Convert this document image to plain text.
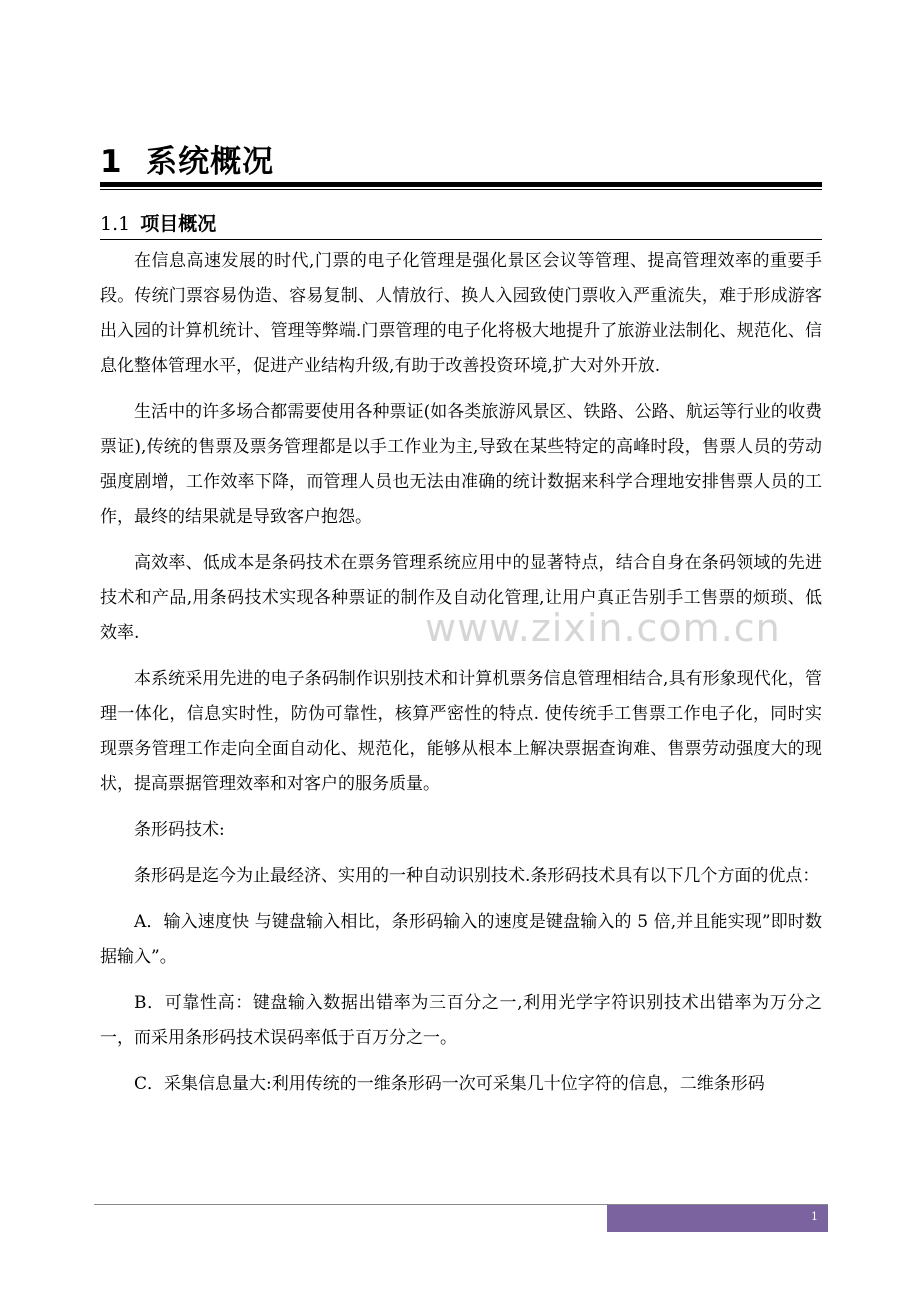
1 系统概况
1.1 项目概况

在信息高速发展的时代,门票的电子化管理是强化景区会议等管理、提高管理效率的重要手段。传统门票容易伪造、容易复制、人情放行、换人入园致使门票收入严重流失，难于形成游客出入园的计算机统计、管理等弊端.门票管理的电子化将极大地提升了旅游业法制化、规范化、信息化整体管理水平，促进产业结构升级,有助于改善投资环境,扩大对外开放.

生活中的许多场合都需要使用各种票证(如各类旅游风景区、铁路、公路、航运等行业的收费票证),传统的售票及票务管理都是以手工作业为主,导致在某些特定的高峰时段，售票人员的劳动强度剧增，工作效率下降，而管理人员也无法由准确的统计数据来科学合理地安排售票人员的工作，最终的结果就是导致客户抱怨。

高效率、低成本是条码技术在票务管理系统应用中的显著特点，结合自身在条码领域的先进技术和产品,用条码技术实现各种票证的制作及自动化管理,让用户真正告别手工售票的烦琐、低效率.

本系统采用先进的电子条码制作识别技术和计算机票务信息管理相结合,具有形象现代化，管理一体化，信息实时性，防伪可靠性，核算严密性的特点. 使传统手工售票工作电子化，同时实现票务管理工作走向全面自动化、规范化，能够从根本上解决票据查询难、售票劳动强度大的现状，提高票据管理效率和对客户的服务质量。

条形码技术:

条形码是迄今为止最经济、实用的一种自动识别技术.条形码技术具有以下几个方面的优点：

A．输入速度快 与键盘输入相比，条形码输入的速度是键盘输入的 5 倍,并且能实现”即时数据输入”。

B．可靠性高：键盘输入数据出错率为三百分之一,利用光学字符识别技术出错率为万分之一，而采用条形码技术误码率低于百万分之一。

C．采集信息量大:利用传统的一维条形码一次可采集几十位字符的信息，二维条形码

www.zixin.com.cn
1
